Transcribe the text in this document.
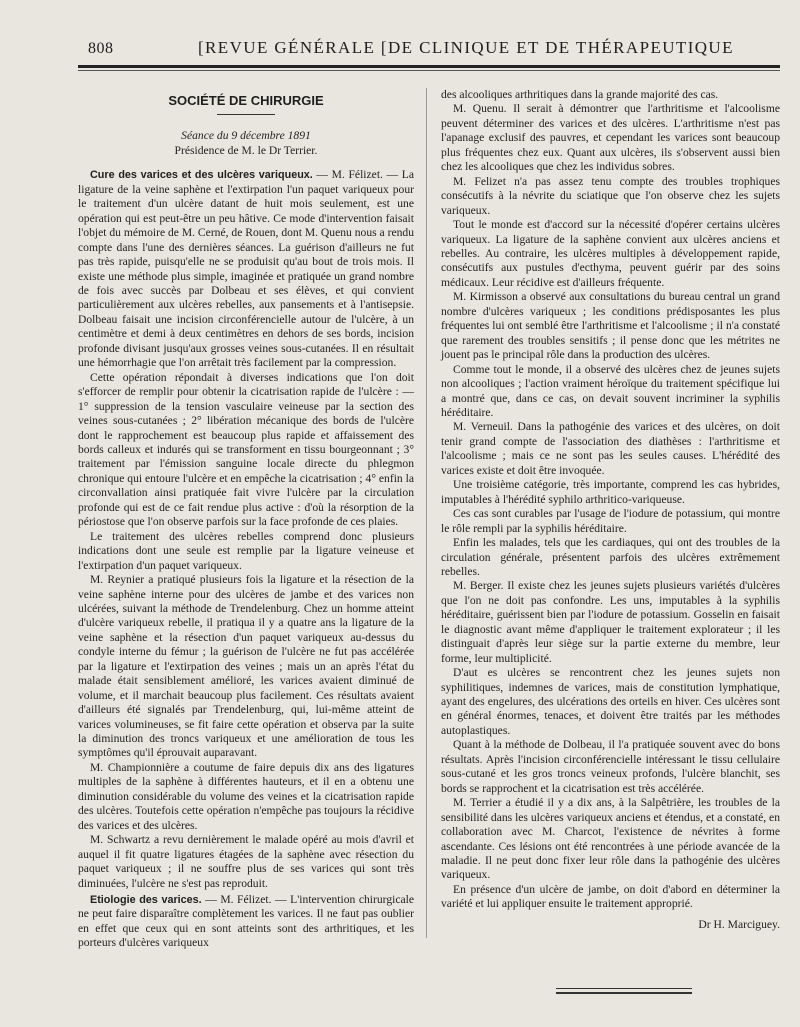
808	[REVUE GÉNÉRALE [DE CLINIQUE ET DE THÉRAPEUTIQUE
SOCIÉTÉ DE CHIRURGIE
Séance du 9 décembre 1891
Présidence de M. le Dr Terrier.

Cure des varices et des ulcères variqueux. — M. Félizet. — La ligature de la veine saphène et l'extirpation l'un paquet variqueux pour le traitement d'un ulcère datant de huit mois seulement, est une opération qui est peut-être un peu hâtive. Ce mode d'intervention faisait l'objet du mémoire de M. Cerné, de Rouen, dont M. Quenu nous a rendu compte dans l'une des dernières séances. La guérison d'ailleurs ne fut pas très rapide, puisqu'elle ne se produisit qu'au bout de trois mois. Il existe une méthode plus simple, imaginée et pratiquée un grand nombre de fois avec succès par Dolbeau et ses élèves, et qui convient particulièrement aux ulcères rebelles, aux pansements et à l'antisepsie. Dolbeau faisait une incision circonférencielle autour de l'ulcère, à un centimètre et demi à deux centimètres en dehors de ses bords, incision profonde divisant jusqu'aux grosses veines sous-cutanées. Il en résultait une hémorrhagie que l'on arrêtait très facilement par la compression.

Cette opération répondait à diverses indications que l'on doit s'efforcer de remplir pour obtenir la cicatrisation rapide de l'ulcère : — 1° suppression de la tension vasculaire veineuse par la section des veines sous-cutanées ; 2° libération mécanique des bords de l'ulcère dont le rapprochement est beaucoup plus rapide et affaissement des bords calleux et indurés qui se transforment en tissu bourgeonnant ; 3° traitement par l'émission sanguine locale directe du phlegmon chronique qui entoure l'ulcère et en empêche la cicatrisation ; 4° enfin la circonvallation ainsi pratiquée fait vivre l'ulcère par la circulation profonde qui est de ce fait rendue plus active : d'où la résorption de la périostose que l'on observe parfois sur la face profonde de ces plaies.

Le traitement des ulcères rebelles comprend donc plusieurs indications dont une seule est remplie par la ligature veineuse et l'extirpation d'un paquet variqueux.

M. Reynier a pratiqué plusieurs fois la ligature et la résection de la veine saphène interne pour des ulcères de jambe et des varices non ulcérées, suivant la méthode de Trendelenburg. Chez un homme atteint d'ulcère variqueux rebelle, il pratiqua il y a quatre ans la ligature de la veine saphène et la résection d'un paquet variqueux au-dessus du condyle interne du fémur ; la guérison de l'ulcère ne fut pas accélérée par la ligature et l'extirpation des veines ; mais un an après l'état du malade était sensiblement amélioré, les varices avaient diminué de volume, et il marchait beaucoup plus facilement. Ces résultats avaient d'ailleurs été signalés par Trendelenburg, qui, lui-même atteint de varices volumineuses, se fit faire cette opération et observa par la suite la diminution des troncs variqueux et une amélioration de tous les symptômes qu'il éprouvait auparavant.

M. Championnière a coutume de faire depuis dix ans des ligatures multiples de la saphène à différentes hauteurs, et il en a obtenu une diminution considérable du volume des veines et la cicatrisation rapide des ulcères. Toutefois cette opération n'empêche pas toujours la récidive des varices et des ulcères.

M. Schwartz a revu dernièrement le malade opéré au mois d'avril et auquel il fit quatre ligatures étagées de la saphène avec résection du paquet variqueux ; il ne souffre plus de ses varices qui sont très diminuées, l'ulcère ne s'est pas reproduit.

Etiologie des varices. — M. Félizet. — L'intervention chirurgicale ne peut faire disparaître complètement les varices. Il ne faut pas oublier en effet que ceux qui en sont atteints sont des arthritiques, et les porteurs d'ulcères variqueux

des alcooliques arthritiques dans la grande majorité des cas.

M. Quenu. Il serait à démontrer que l'arthritisme et l'alcoolisme peuvent déterminer des varices et des ulcères. L'arthritisme n'est pas l'apanage exclusif des pauvres, et cependant les varices sont beaucoup plus fréquentes chez eux. Quant aux ulcères, ils s'observent aussi bien chez les alcooliques que chez les individus sobres.

M. Felizet n'a pas assez tenu compte des troubles trophiques consécutifs à la névrite du sciatique que l'on observe chez les sujets variqueux.

Tout le monde est d'accord sur la nécessité d'opérer certains ulcères variqueux. La ligature de la saphène convient aux ulcères anciens et rebelles. Au contraire, les ulcères multiples à développement rapide, consécutifs aux pustules d'ecthyma, peuvent guérir par des soins médicaux. Leur récidive est d'ailleurs fréquente.

M. Kirmisson a observé aux consultations du bureau central un grand nombre d'ulcères variqueux ; les conditions prédisposantes les plus fréquentes lui ont semblé être l'arthritisme et l'alcoolisme ; il n'a constaté que rarement des troubles sensitifs ; il pense donc que les métrites ne jouent pas le principal rôle dans la production des ulcères.

Comme tout le monde, il a observé des ulcères chez de jeunes sujets non alcooliques ; l'action vraiment héroïque du traitement spécifique lui a montré que, dans ce cas, on devait souvent incriminer la syphilis héréditaire.

M. Verneuil. Dans la pathogénie des varices et des ulcères, on doit tenir grand compte de l'association des diathèses : l'arthritisme et l'alcoolisme ; mais ce ne sont pas les seules causes. L'hérédité des varices existe et doit être invoquée.

Une troisième catégorie, très importante, comprend les cas hybrides, imputables à l'hérédité syphilo arthritico-variqueuse.

Ces cas sont curables par l'usage de l'iodure de potassium, qui montre le rôle rempli par la syphilis héréditaire.

Enfin les malades, tels que les cardiaques, qui ont des troubles de la circulation générale, présentent parfois des ulcères extrêmement rebelles.

M. Berger. Il existe chez les jeunes sujets plusieurs variétés d'ulcères que l'on ne doit pas confondre. Les uns, imputables à la syphilis héréditaire, guérissent bien par l'iodure de potassium. Gosselin en faisait le diagnostic avant même d'appliquer le traitement explorateur ; il les distinguait d'après leur siège sur la partie externe du membre, leur forme, leur multiplicité.

D'aut es ulcères se rencontrent chez les jeunes sujets non syphilitiques, indemnes de varices, mais de constitution lymphatique, ayant des engelures, des ulcérations des orteils en hiver. Ces ulcères sont en général énormes, tenaces, et doivent être traités par les méthodes autoplastiques.

Quant à la méthode de Dolbeau, il l'a pratiquée souvent avec do bons résultats. Après l'incision circonférencielle intéressant le tissu cellulaire sous-cutané et les gros troncs veineux profonds, l'ulcère blanchit, ses bords se rapprochent et la cicatrisation est très accélérée.

M. Terrier a étudié il y a dix ans, à la Salpêtrière, les troubles de la sensibilité dans les ulcères variqueux anciens et étendus, et a constaté, en collaboration avec M. Charcot, l'existence de névrites à forme ascendante. Ces lésions ont été rencontrées à une période avancée de la maladie. Il ne peut donc fixer leur rôle dans la pathogénie des ulcères variqueux.

En présence d'un ulcère de jambe, on doit d'abord en déterminer la variété et lui appliquer ensuite le traitement approprié.

Dr H. Marciguey.
